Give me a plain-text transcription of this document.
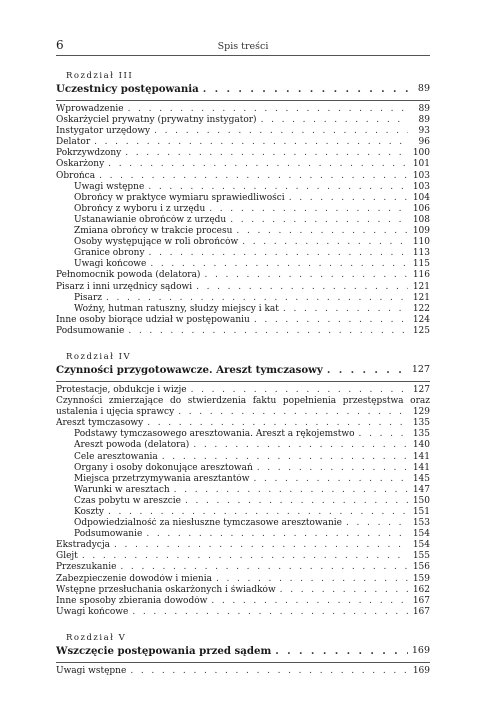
6	Spis treści
Rozdział III
Uczestnicy postępowania . . .	89
Wprowadzenie . . .	89
Oskarżyciel prywatny (prywatny instygator) . . .	89
Instygator urzędowy . . .	93
Delator . . .	96
Pokrzywdzony . . .	100
Oskarżony . . .	101
Obrońca . . .	103
Uwagi wstępne . . .	103
Obrońcy w praktyce wymiaru sprawiedliwości . . .	104
Obrońcy z wyboru i z urzędu . . .	106
Ustanawianie obrońców z urzędu . . .	108
Zmiana obrońcy w trakcie procesu . . .	109
Osoby występujące w roli obrońców . . .	110
Granice obrony . . .	113
Uwagi końcowe . . .	115
Pełnomocnik powoda (delatora) . . .	116
Pisarz i inni urzędnicy sądowi . . .	121
Pisarz . . .	121
Woźny, hutman ratuszny, słudzy miejscy i kat . . .	122
Inne osoby biorące udział w postępowaniu . . .	124
Podsumowanie . . .	125
Rozdział IV
Czynności przygotowawcze. Areszt tymczasowy . . .	127
Protestacje, obdukcje i wizje . . .	127
Czynności zmierzające do stwierdzenia faktu popełnienia przestępstwa oraz
ustalenia i ujęcia sprawcy . . .	129
Areszt tymczasowy . . .	135
Podstawy tymczasowego aresztowania. Areszt a rękojemstwo . . .	135
Areszt powoda (delatora) . . .	140
Cele aresztowania . . .	141
Organy i osoby dokonujące aresztowań . . .	141
Miejsca przetrzymywania aresztantów . . .	145
Warunki w aresztach . . .	147
Czas pobytu w areszcie . . .	150
Koszty . . .	151
Odpowiedzialność za niesłuszne tymczasowe aresztowanie . . .	153
Podsumowanie . . .	154
Ekstradycja . . .	154
Glejt . . .	155
Przeszukanie . . .	156
Zabezpieczenie dowodów i mienia . . .	159
Wstępne przesłuchania oskarżonych i świadków . . .	162
Inne sposoby zbierania dowodów . . .	167
Uwagi końcowe . . .	167
Rozdział V
Wszczęcie postępowania przed sądem . . .	169
Uwagi wstępne . . .	169
